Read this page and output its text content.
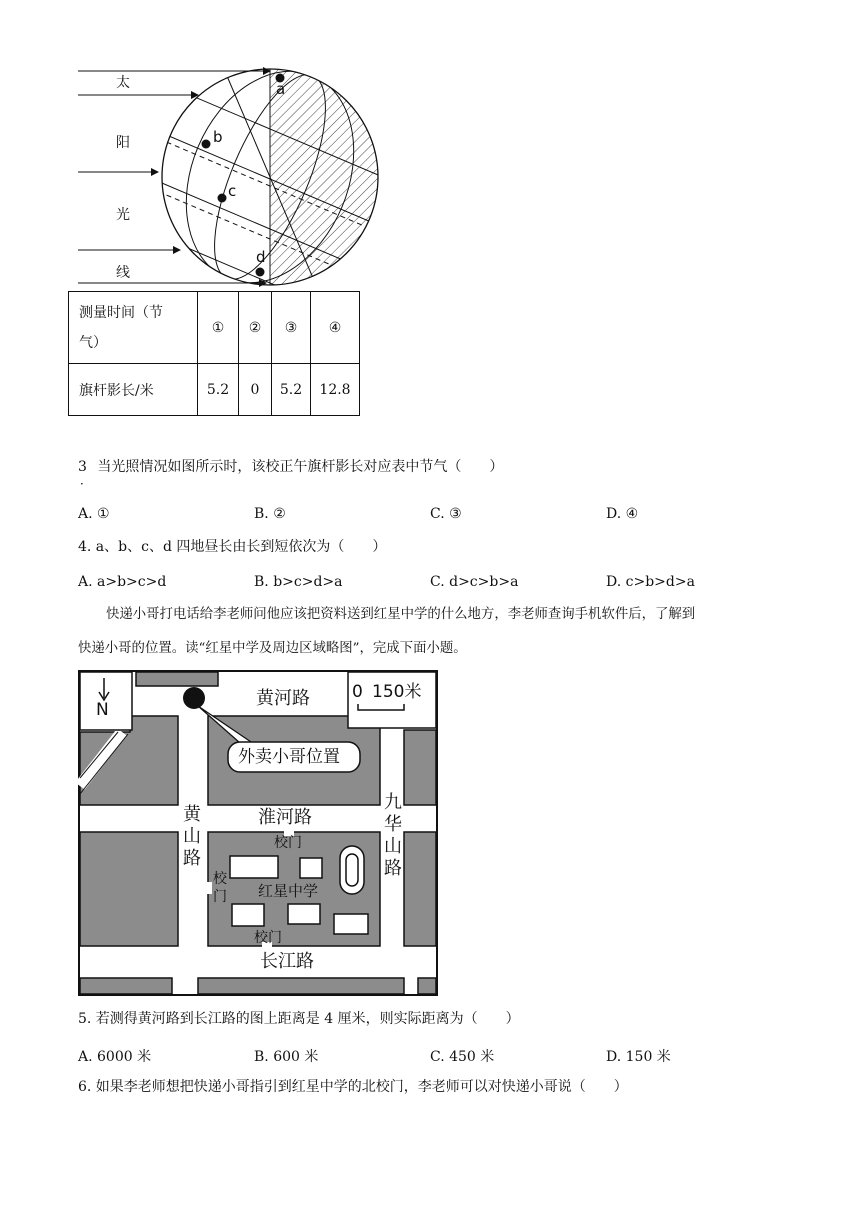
太
阳
光
线
a
b
c
d
测量时间（节
气）	①	②	③	④
旗杆影长/米	5.2	0	5.2	12.8
3 当光照情况如图所示时，该校正午旗杆影长对应表中节气（　　）
．
A. ①	B. ②	C. ③	D. ④
4. a、b、c、d 四地昼长由长到短依次为（　　）
A. a>b>c>d	B. b>c>d>a	C. d>c>b>a	D. c>b>d>a
快递小哥打电话给李老师问他应该把资料送到红星中学的什么地方，李老师查询手机软件后，了解到
快递小哥的位置。读“红星中学及周边区域略图”，完成下面小题。
N
0 150米
黄河路
外卖小哥位置
淮河路
黄
山
路
九
华
山
路
校门
校
门 红星中学
校门
长江路
5. 若测得黄河路到长江路的图上距离是 4 厘米，则实际距离为（　　）
A. 6000 米	B. 600 米	C. 450 米	D. 150 米
6. 如果李老师想把快递小哥指引到红星中学的北校门，李老师可以对快递小哥说（　　）
